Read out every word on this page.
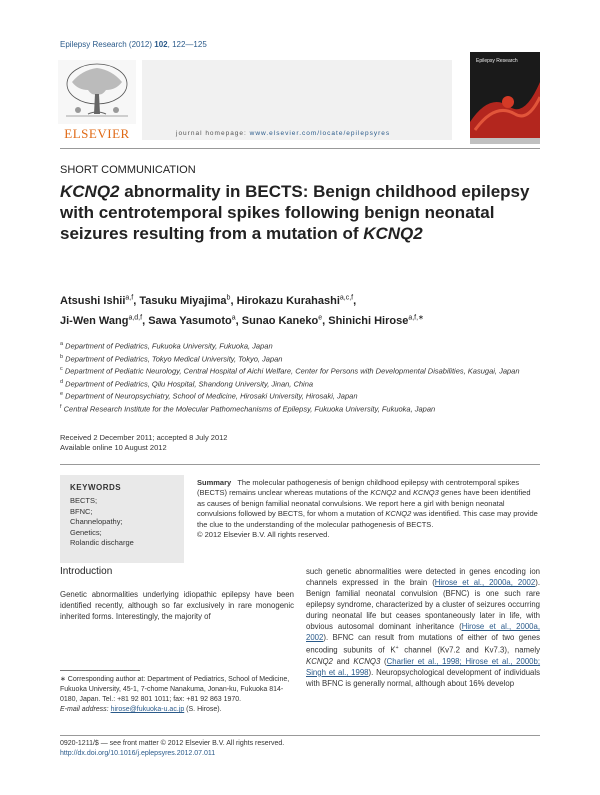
Epilepsy Research (2012) 102, 122—125
ELSEVIER	journal homepage: www.elsevier.com/locate/epilepsyres
Epilepsy Research
SHORT COMMUNICATION
KCNQ2 abnormality in BECTS: Benign childhood epilepsy with centrotemporal spikes following benign neonatal seizures resulting from a mutation of KCNQ2
Atsushi Ishii$^{a,f}$, Tasuku Miyajima$^b$, Hirokazu Kurahashi$^{a,c,f}$,
Ji-Wen Wang$^{a,d,f}$, Sawa Yasumoto$^a$, Sunao Kaneko$^e$, Shinichi Hirose$^{a,f,∗}$
$^a$ Department of Pediatrics, Fukuoka University, Fukuoka, Japan
$^b$ Department of Pediatrics, Tokyo Medical University, Tokyo, Japan
$^c$ Department of Pediatric Neurology, Central Hospital of Aichi Welfare, Center for Persons with Developmental Disabilities, Kasugai, Japan
$^d$ Department of Pediatrics, Qilu Hospital, Shandong University, Jinan, China
$^e$ Department of Neuropsychiatry, School of Medicine, Hirosaki University, Hirosaki, Japan
$^f$ Central Research Institute for the Molecular Pathomechanisms of Epilepsy, Fukuoka University, Fukuoka, Japan
Received 2 December 2011; accepted 8 July 2012
Available online 10 August 2012
KEYWORDS
BECTS;
BFNC;
Channelopathy;
Genetics;
Rolandic discharge
Summary The molecular pathogenesis of benign childhood epilepsy with centrotemporal spikes (BECTS) remains unclear whereas mutations of the KCNQ2 and KCNQ3 genes have been identified as causes of benign familial neonatal convulsions. We report here a girl with benign neonatal convulsions followed by BECTS, for whom a mutation of KCNQ2 was identified. This case may provide the clue to the understanding of the molecular pathogenesis of BECTS.
© 2012 Elsevier B.V. All rights reserved.
Introduction
Genetic abnormalities underlying idiopathic epilepsy have been identified recently, although so far exclusively in rare monogenic inherited forms. Interestingly, the majority of
such genetic abnormalities were detected in genes encoding ion channels expressed in the brain (Hirose et al., 2000a, 2002). Benign familial neonatal convulsion (BFNC) is one such rare epilepsy syndrome, characterized by a cluster of seizures occurring during neonatal life but ceases spontaneously later in life, with obvious autosomal dominant inheritance (Hirose et al., 2000a, 2002). BFNC can result from mutations of either of two genes encoding subunits of K+ channel (Kv7.2 and Kv7.3), namely KCNQ2 and KCNQ3 (Charlier et al., 1998; Hirose et al., 2000b; Singh et al., 1998). Neuropsychological development of individuals with BFNC is generally normal, although about 16% develop
∗ Corresponding author at: Department of Pediatrics, School of Medicine, Fukuoka University, 45-1, 7-chome Nanakuma, Jonan-ku, Fukuoka 814-0180, Japan. Tel.: +81 92 801 1011; fax: +81 92 863 1970.
E-mail address: hirose@fukuoka-u.ac.jp (S. Hirose).
0920-1211/$ — see front matter © 2012 Elsevier B.V. All rights reserved.
http://dx.doi.org/10.1016/j.eplepsyres.2012.07.011
